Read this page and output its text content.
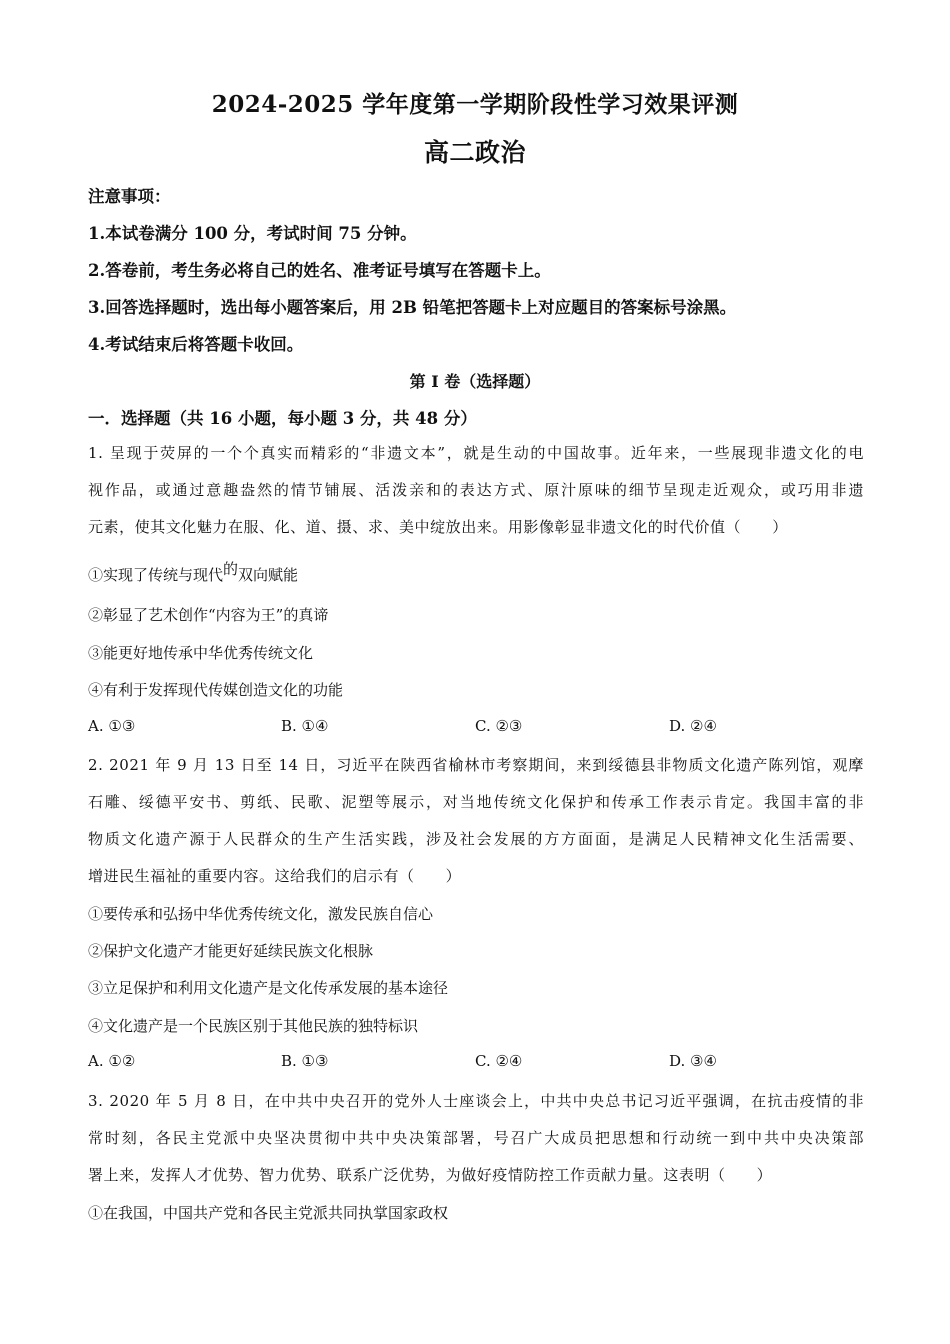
2024-2025 学年度第一学期阶段性学习效果评测
高二政治
注意事项：
1.本试卷满分 100 分，考试时间 75 分钟。
2.答卷前，考生务必将自己的姓名、准考证号填写在答题卡上。
3.回答选择题时，选出每小题答案后，用 2B 铅笔把答题卡上对应题目的答案标号涂黑。
4.考试结束后将答题卡收回。
第 I 卷（选择题）
一．选择题（共 16 小题，每小题 3 分，共 48 分）
1. 呈现于荧屏的一个个真实而精彩的“非遗文本”，就是生动的中国故事。近年来，一些展现非遗文化的电
视作品，或通过意趣盎然的情节铺展、活泼亲和的表达方式、原汁原味的细节呈现走近观众，或巧用非遗
元素，使其文化魅力在服、化、道、摄、求、美中绽放出来。用影像彰显非遗文化的时代价值（　　）
①实现了传统与现代的双向赋能
②彰显了艺术创作“内容为王”的真谛
③能更好地传承中华优秀传统文化
④有利于发挥现代传媒创造文化的功能
A. ①③	B. ①④	C. ②③	D. ②④
2. 2021 年 9 月 13 日至 14 日，习近平在陕西省榆林市考察期间，来到绥德县非物质文化遗产陈列馆，观摩
石雕、绥德平安书、剪纸、民歌、泥塑等展示，对当地传统文化保护和传承工作表示肯定。我国丰富的非
物质文化遗产源于人民群众的生产生活实践，涉及社会发展的方方面面，是满足人民精神文化生活需要、
增进民生福祉的重要内容。这给我们的启示有（　　）
①要传承和弘扬中华优秀传统文化，激发民族自信心
②保护文化遗产才能更好延续民族文化根脉
③立足保护和利用文化遗产是文化传承发展的基本途径
④文化遗产是一个民族区别于其他民族的独特标识
A. ①②	B. ①③	C. ②④	D. ③④
3. 2020 年 5 月 8 日，在中共中央召开的党外人士座谈会上，中共中央总书记习近平强调，在抗击疫情的非
常时刻，各民主党派中央坚决贯彻中共中央决策部署，号召广大成员把思想和行动统一到中共中央决策部
署上来，发挥人才优势、智力优势、联系广泛优势，为做好疫情防控工作贡献力量。这表明（　　）
①在我国，中国共产党和各民主党派共同执掌国家政权
